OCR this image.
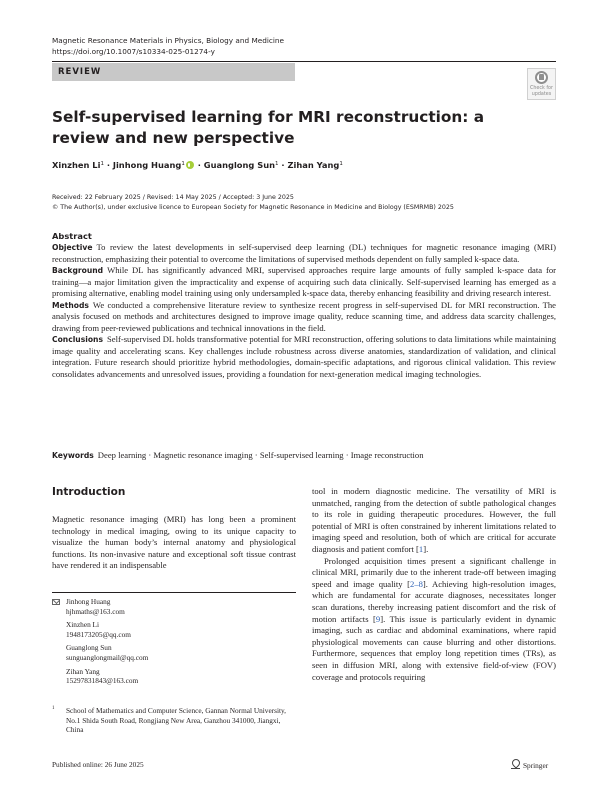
Magnetic Resonance Materials in Physics, Biology and Medicine
https://doi.org/10.1007/s10334-025-01274-y
REVIEW
Check for
updates
Self-supervised learning for MRI reconstruction: a review and new perspective
Xinzhen $Li^1$ · Jinhong Huang$^1$ · Guanglong Sun$^1$ · Zihan Yang$^1$
Received: 22 February 2025 / Revised: 14 May 2025 / Accepted: 3 June 2025
© The Author(s), under exclusive licence to European Society for Magnetic Resonance in Medicine and Biology (ESMRMB) 2025
Abstract

Objective To review the latest developments in self-supervised deep learning (DL) techniques for magnetic resonance imaging (MRI) reconstruction, emphasizing their potential to overcome the limitations of supervised methods dependent on fully sampled k-space data.

Background While DL has significantly advanced MRI, supervised approaches require large amounts of fully sampled k-space data for training—a major limitation given the impracticality and expense of acquiring such data clinically. Self-supervised learning has emerged as a promising alternative, enabling model training using only undersampled k-space data, thereby enhancing feasibility and driving research interest.

Methods We conducted a comprehensive literature review to synthesize recent progress in self-supervised DL for MRI reconstruction. The analysis focused on methods and architectures designed to improve image quality, reduce scanning time, and address data scarcity challenges, drawing from peer-reviewed publications and technical innovations in the field.

Conclusions Self-supervised DL holds transformative potential for MRI reconstruction, offering solutions to data limitations while maintaining image quality and accelerating scans. Key challenges include robustness across diverse anatomies, standardization of validation, and clinical integration. Future research should prioritize hybrid methodologies, domain-specific adaptations, and rigorous clinical validation. This review consolidates advancements and unresolved issues, providing a foundation for next-generation medical imaging technologies.

Keywords Deep learning · Magnetic resonance imaging · Self-supervised learning · Image reconstruction
Introduction

Magnetic resonance imaging (MRI) has long been a prominent technology in medical imaging, owing to its unique capacity to visualize the human body’s internal anatomy and physiological functions. Its non-invasive nature and exceptional soft tissue contrast have rendered it an indispensable

tool in modern diagnostic medicine. The versatility of MRI is unmatched, ranging from the detection of subtle pathological changes to its role in guiding therapeutic procedures. However, the full potential of MRI is often constrained by inherent limitations related to imaging speed and resolution, both of which are critical for accurate diagnosis and patient comfort [1].

Prolonged acquisition times present a significant challenge in clinical MRI, primarily due to the inherent trade-off between imaging speed and image quality [2–8]. Achieving high-resolution images, which are fundamental for accurate diagnoses, necessitates longer scan durations, thereby increasing patient discomfort and the risk of motion artifacts [9]. This issue is particularly evident in dynamic imaging, such as cardiac and abdominal examinations, where rapid physiological movements can cause blurring and other distortions. Furthermore, sequences that employ long repetition times (TRs), as seen in diffusion MRI, along with extensive field-of-view (FOV) coverage and protocols requiring

Jinhong Huang
hjhmaths@163.com
Xinzhen Li
1948173205@qq.com
Guanglong Sun
sunguanglongmail@qq.com
Zihan Yang
15297831843@163.com
1	School of Mathematics and Computer Science, Gannan Normal University, No.1 Shida South Road, Rongjiang New Area, Ganzhou 341000, Jiangxi, China
Published online: 26 June 2025	Springer
